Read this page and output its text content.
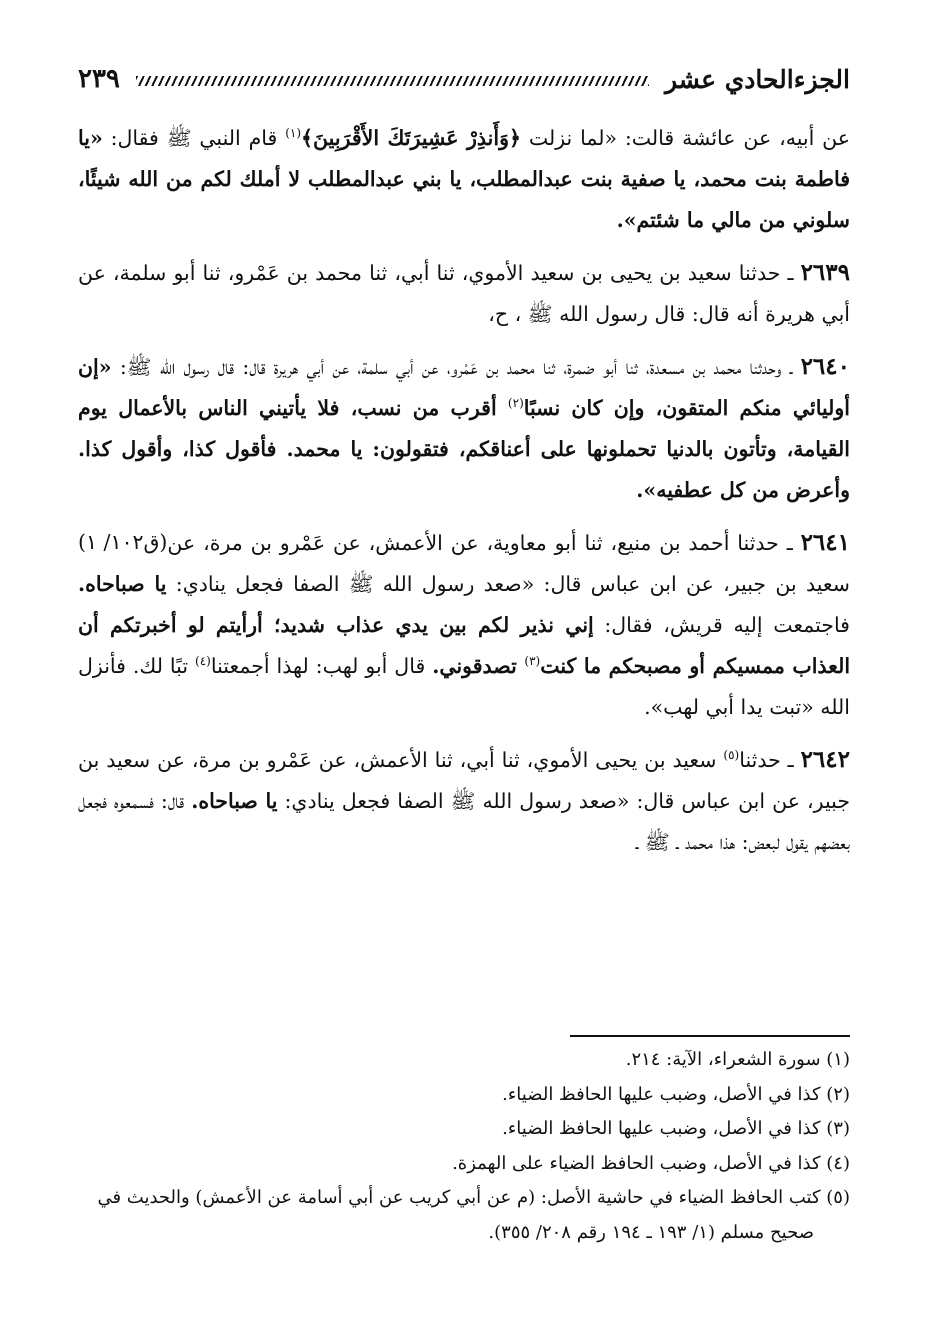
الجزءالحادي عشر
٢٣٩

عن أبيه، عن عائشة قالت: «لما نزلت ﴿وَأَنذِرْ عَشِيرَتَكَ الأَقْرَبِينَ﴾$^{(١)}$ قام النبي ﷺ فقال: «يا فاطمة بنت محمد، يا صفية بنت عبدالمطلب، يا بني عبدالمطلب لا أملك لكم من الله شيئًا، سلوني من مالي ما شئتم».

٢٦٣٩ ـ حدثنا سعيد بن يحيى بن سعيد الأموي، ثنا أبي، ثنا محمد بن عَمْرو، ثنا أبو سلمة، عن أبي هريرة أنه قال: قال رسول الله ﷺ ، ح،

٢٦٤٠ ـ وحدثنا محمد بن مسعدة، ثنا أبو ضمرة، ثنا محمد بن عَمْرو، عن أبي سلمة، عن أبي هريرة قال: قال رسول الله ﷺ: «إن أوليائي منكم المتقون، وإن كان نسبًا$^{(٢)}$ أقرب من نسب، فلا يأتيني الناس بالأعمال يوم القيامة، وتأتون بالدنيا تحملونها على أعناقكم، فتقولون: يا محمد. فأقول كذا، وأقول كذا. وأعرض من كل عطفيه».

(ق١٠٢/ ١)	٢٦٤١ ـ حدثنا أحمد بن منيع، ثنا أبو معاوية، عن الأعمش، عن عَمْرو بن مرة، عن سعيد بن جبير، عن ابن عباس قال: «صعد رسول الله ﷺ الصفا فجعل ينادي: يا صباحاه. فاجتمعت إليه قريش، فقال: إني نذير لكم بين يدي عذاب شديد؛ أرأيتم لو أخبرتكم أن العذاب ممسيكم أو مصبحكم ما كنت$^{(٣)}$ تصدقوني. قال أبو لهب: لهذا أجمعتنا$^{(٤)}$ تبًا لك. فأنزل الله «تبت يدا أبي لهب».

٢٦٤٢ ـ حدثنا$^{(٥)}$ سعيد بن يحيى الأموي، ثنا أبي، ثنا الأعمش، عن عَمْرو بن مرة، عن سعيد بن جبير، عن ابن عباس قال: «صعد رسول الله ﷺ الصفا فجعل ينادي: يا صباحاه. قال: فسمعوه فجعل بعضهم يقول لبعض: هذا محمد ـ ﷺ ـ

(١) سورة الشعراء، الآية: ٢١٤.

(٢) كذا في الأصل، وضبب عليها الحافظ الضياء.

(٣) كذا في الأصل، وضبب عليها الحافظ الضياء.

(٤) كذا في الأصل، وضبب الحافظ الضياء على الهمزة.

(٥) كتب الحافظ الضياء في حاشية الأصل: (م عن أبي كريب عن أبي أسامة عن الأعمش) والحديث في صحيح مسلم (١/ ١٩٣ ـ ١٩٤ رقم ٢٠٨/ ٣٥٥).
